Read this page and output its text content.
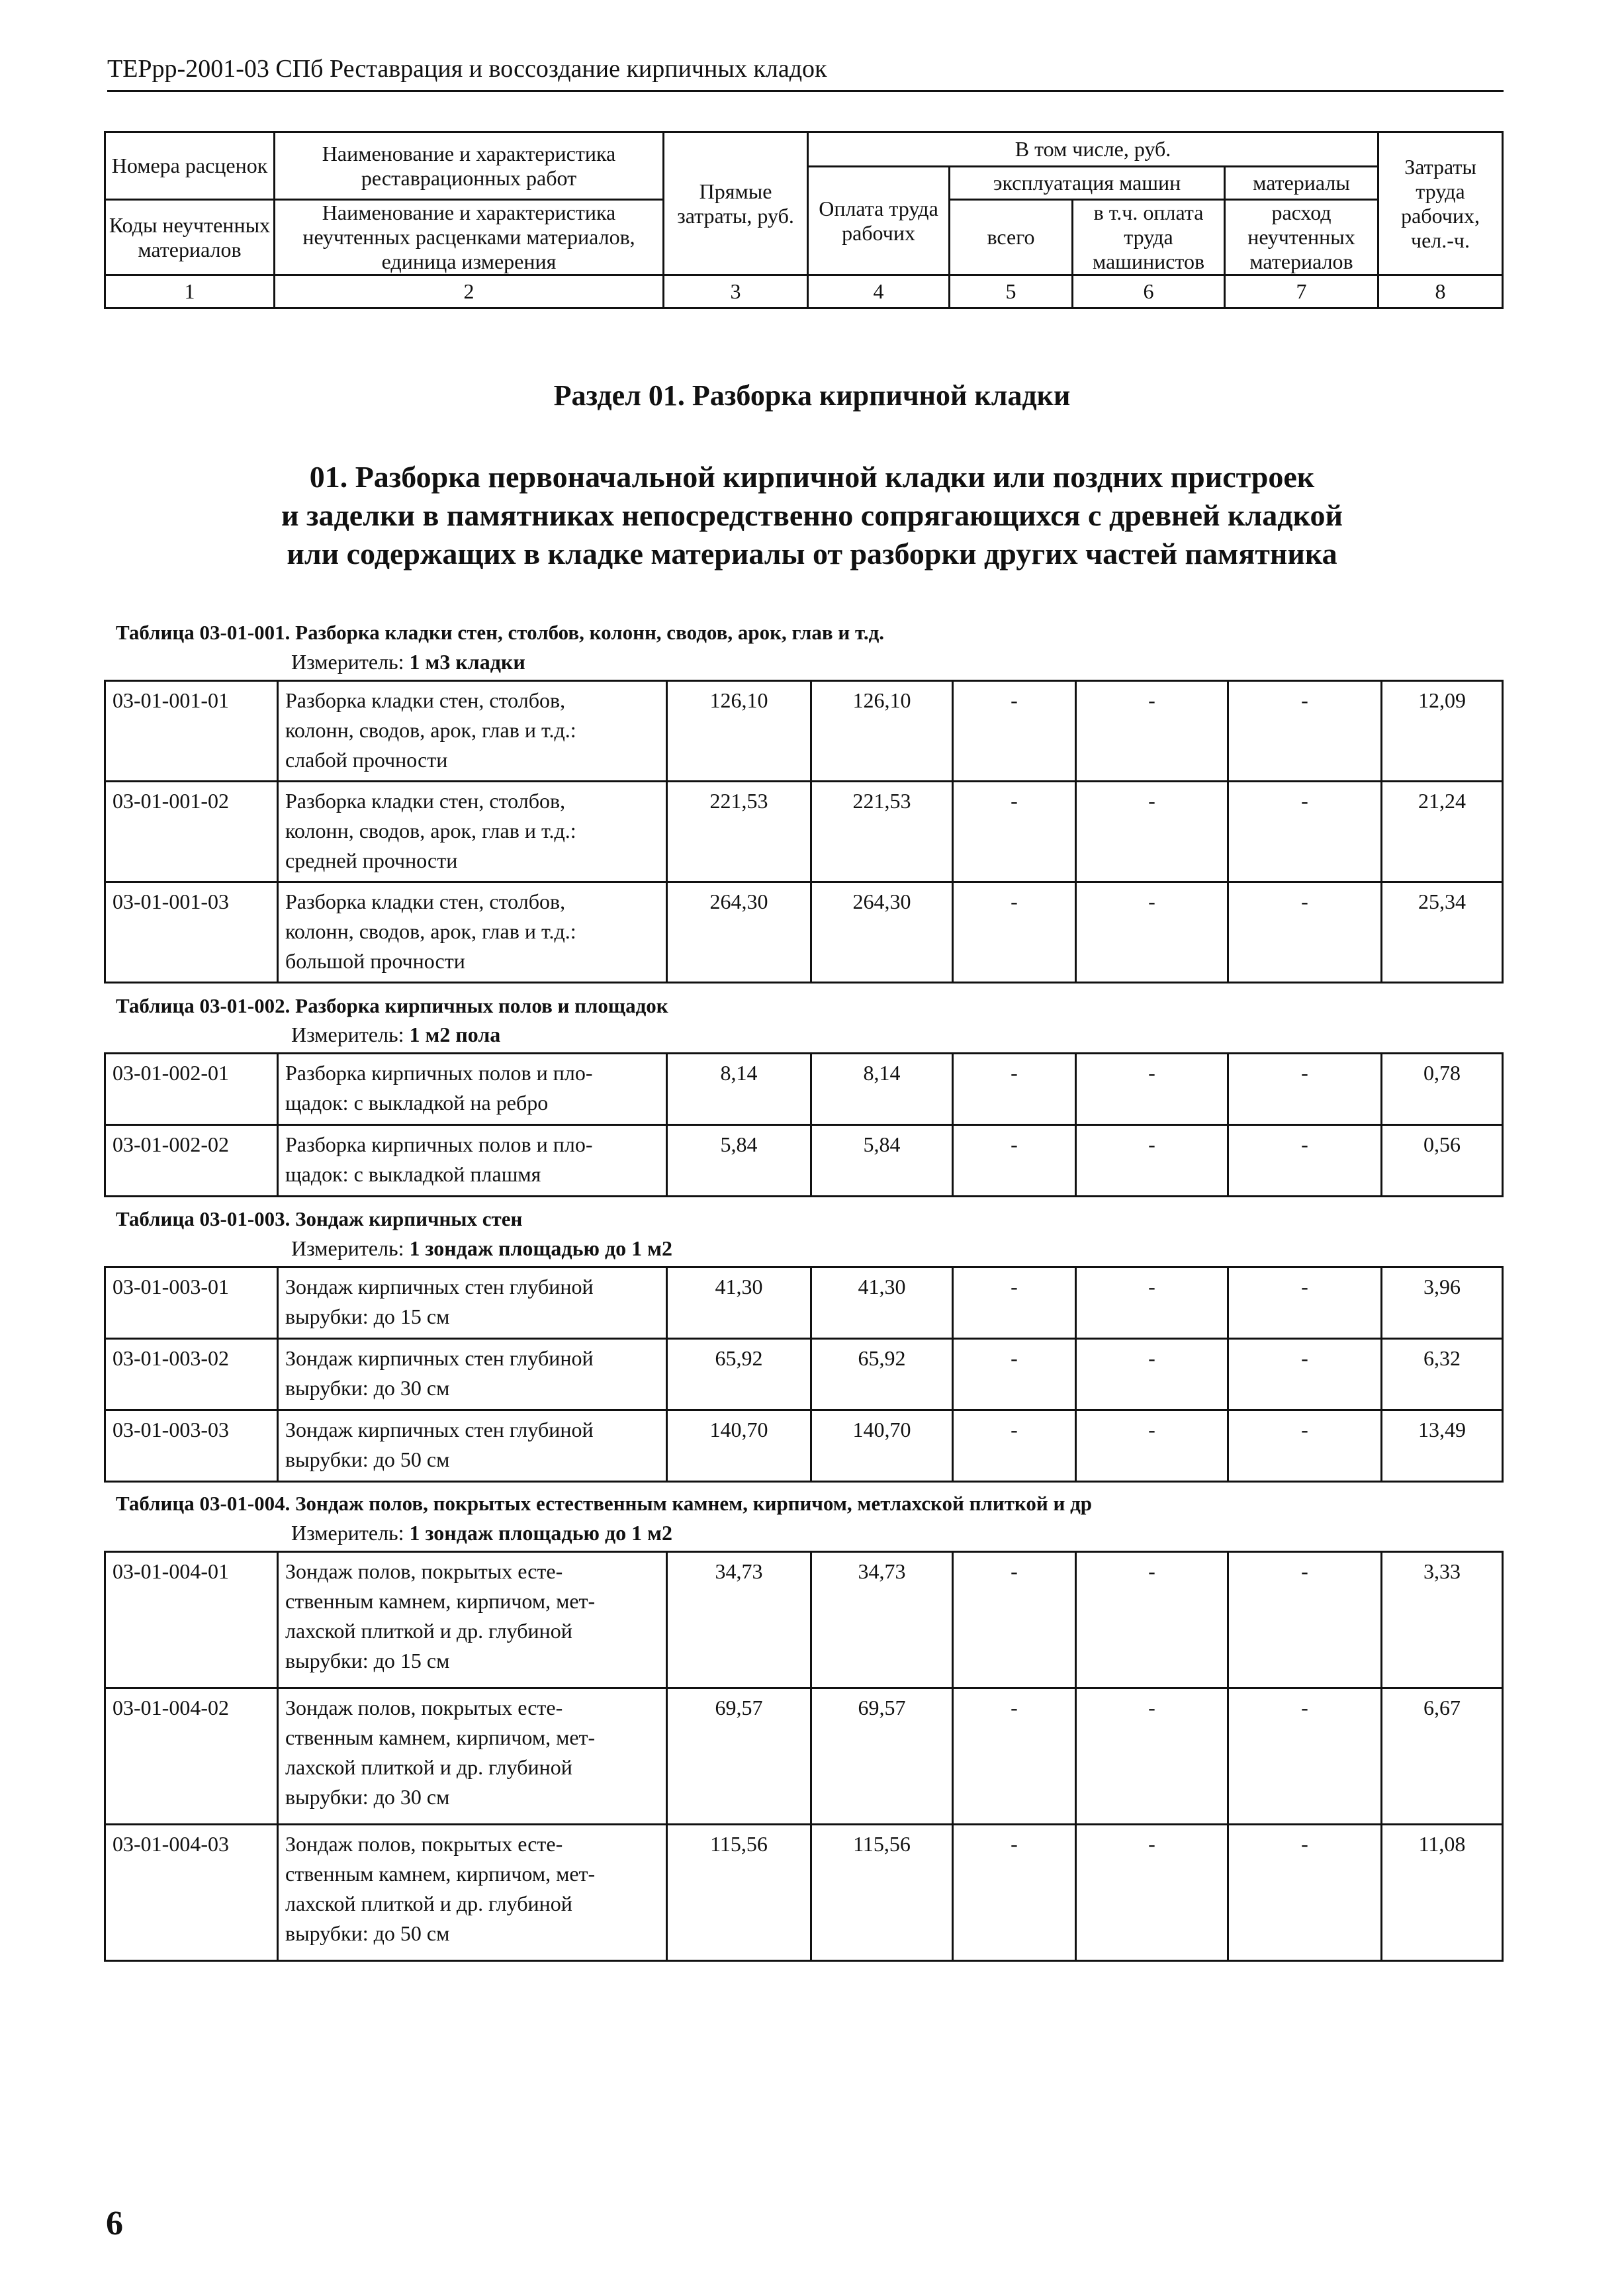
ТЕРрр-2001-03 СПб Реставрация и воссоздание кирпичных кладок
Номера расценок	Наименование и характеристика реставрационных работ	Прямые затраты, руб.	В том числе, руб.				Затраты труда рабочих, чел.-ч.
			Оплата труда рабочих	эксплуатация машин		материалы	
Коды неучтенных материалов	Наименование и характеристика неучтенных расценками материалов, единица измерения			всего	в т.ч. оплата труда машинистов	расход неучтенных материалов	

1	2	3	4	5	6	7	8
Раздел 01. Разборка кирпичной кладки
01. Разборка первоначальной кирпичной кладки или поздних пристроек
и заделки в памятниках непосредственно сопрягающихся с древней кладкой
или содержащих в кладке материалы от разборки других частей памятника
Таблица 03-01-001. Разборка кладки стен, столбов, колонн, сводов, арок, глав и т.д.
Измеритель: 1 м3 кладки
03-01-001-01	Разборка кладки стен, столбов,
колонн, сводов, арок, глав и т.д.:
слабой прочности	126,10	126,10	-	-	-	12,09
03-01-001-02	Разборка кладки стен, столбов,
колонн, сводов, арок, глав и т.д.:
средней прочности	221,53	221,53	-	-	-	21,24
03-01-001-03	Разборка кладки стен, столбов,
колонн, сводов, арок, глав и т.д.:
большой прочности	264,30	264,30	-	-	-	25,34
Таблица 03-01-002. Разборка кирпичных полов и площадок
Измеритель: 1 м2 пола
03-01-002-01	Разборка кирпичных полов и пло-
щадок: с выкладкой на ребро	8,14	8,14	-	-	-	0,78
03-01-002-02	Разборка кирпичных полов и пло-
щадок: с выкладкой плашмя	5,84	5,84	-	-	-	0,56
Таблица 03-01-003. Зондаж кирпичных стен
Измеритель: 1 зондаж площадью до 1 м2
03-01-003-01	Зондаж кирпичных стен глубиной
вырубки: до 15 см	41,30	41,30	-	-	-	3,96
03-01-003-02	Зондаж кирпичных стен глубиной
вырубки: до 30 см	65,92	65,92	-	-	-	6,32
03-01-003-03	Зондаж кирпичных стен глубиной
вырубки: до 50 см	140,70	140,70	-	-	-	13,49
Таблица 03-01-004. Зондаж полов, покрытых естественным камнем, кирпичом, метлахской плиткой и др
Измеритель: 1 зондаж площадью до 1 м2
03-01-004-01	Зондаж полов, покрытых есте-
ственным камнем, кирпичом, мет-
лахской плиткой и др. глубиной
вырубки: до 15 см	34,73	34,73	-	-	-	3,33
03-01-004-02	Зондаж полов, покрытых есте-
ственным камнем, кирпичом, мет-
лахской плиткой и др. глубиной
вырубки: до 30 см	69,57	69,57	-	-	-	6,67
03-01-004-03	Зондаж полов, покрытых есте-
ственным камнем, кирпичом, мет-
лахской плиткой и др. глубиной
вырубки: до 50 см	115,56	115,56	-	-	-	11,08
6
